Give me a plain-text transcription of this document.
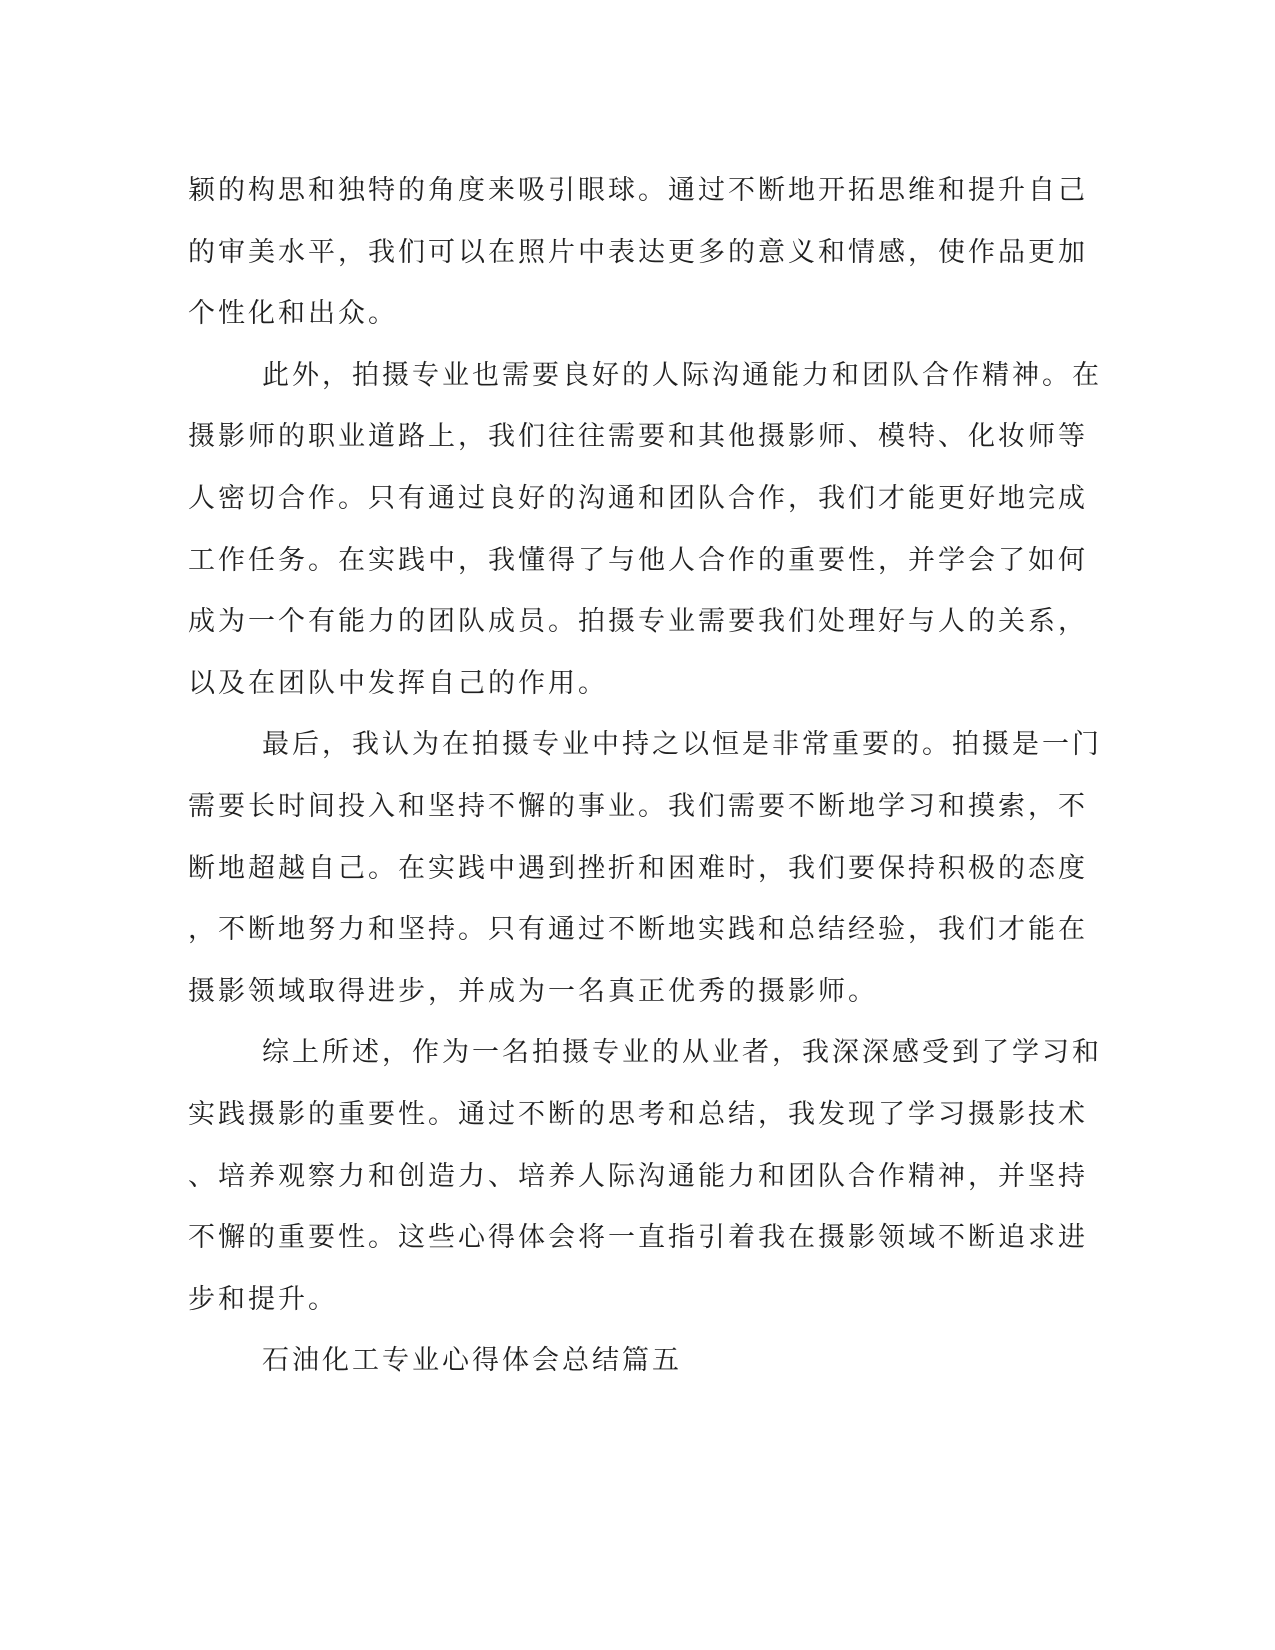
颖的构思和独特的角度来吸引眼球。通过不断地开拓思维和提升自己
的审美水平，我们可以在照片中表达更多的意义和情感，使作品更加
个性化和出众。

此外，拍摄专业也需要良好的人际沟通能力和团队合作精神。在
摄影师的职业道路上，我们往往需要和其他摄影师、模特、化妆师等
人密切合作。只有通过良好的沟通和团队合作，我们才能更好地完成
工作任务。在实践中，我懂得了与他人合作的重要性，并学会了如何
成为一个有能力的团队成员。拍摄专业需要我们处理好与人的关系，
以及在团队中发挥自己的作用。

最后，我认为在拍摄专业中持之以恒是非常重要的。拍摄是一门
需要长时间投入和坚持不懈的事业。我们需要不断地学习和摸索，不
断地超越自己。在实践中遇到挫折和困难时，我们要保持积极的态度
，不断地努力和坚持。只有通过不断地实践和总结经验，我们才能在
摄影领域取得进步，并成为一名真正优秀的摄影师。

综上所述，作为一名拍摄专业的从业者，我深深感受到了学习和
实践摄影的重要性。通过不断的思考和总结，我发现了学习摄影技术
、培养观察力和创造力、培养人际沟通能力和团队合作精神，并坚持
不懈的重要性。这些心得体会将一直指引着我在摄影领域不断追求进
步和提升。

石油化工专业心得体会总结篇五
